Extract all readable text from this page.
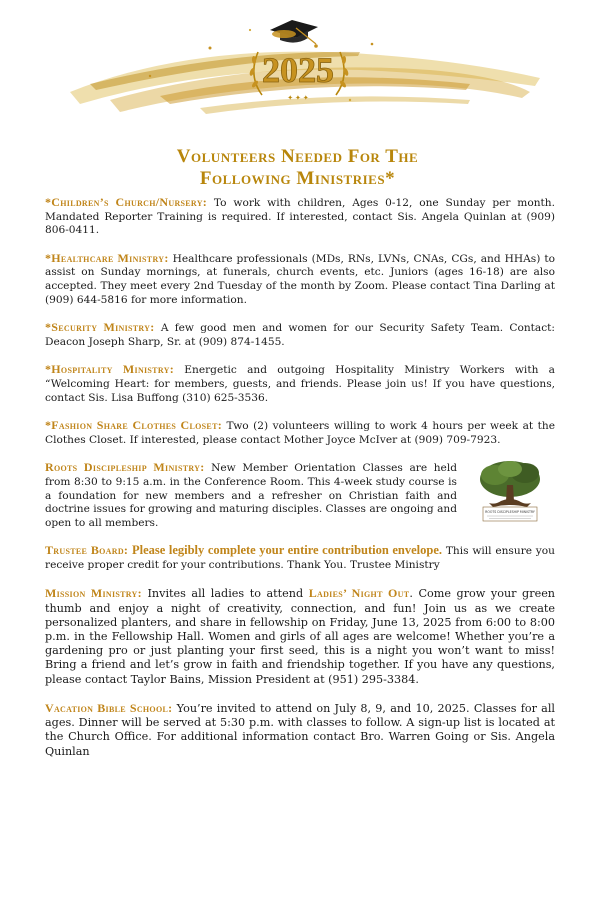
2025
✦ ✦ ✦
Volunteers Needed For The
Following Ministries*

*Children’s Church/Nursery: To work with children, Ages 0-12, one Sunday per month. Mandated Reporter Training is required. If interested, contact Sis. Angela Quinlan at (909) 806-0411.

*Healthcare Ministry: Healthcare professionals (MDs, RNs, LVNs, CNAs, CGs, and HHAs) to assist on Sunday mornings, at funerals, church events, etc. Juniors (ages 16-18) are also accepted. They meet every 2nd Tuesday of the month by Zoom. Please contact Tina Darling at (909) 644-5816 for more information.

*Security Ministry: A few good men and women for our Security Safety Team. Contact: Deacon Joseph Sharp, Sr. at (909) 874-1455.

*Hospitality Ministry: Energetic and outgoing Hospitality Ministry Workers with a “Welcoming Heart: for members, guests, and friends. Please join us! If you have questions, contact Sis. Lisa Buffong (310) 625-3536.

*Fashion Share Clothes Closet: Two (2) volunteers willing to work 4 hours per week at the Clothes Closet. If interested, please contact Mother Joyce McIver at (909) 709-7923.

Roots Discipleship Ministry: New Member Orientation Classes are held from 8:30 to 9:15 a.m. in the Conference Room. This 4-week study course is a foundation for new members and a refresher on Christian faith and doctrine issues for growing and maturing disciples. Classes are ongoing and open to all members.
ROOTS DISCIPLESHIP MINISTRY

Trustee Board: Please legibly complete your entire contribution envelope. This will ensure you receive proper credit for your contributions. Thank You. Trustee Ministry

Mission Ministry: Invites all ladies to attend Ladies’ Night Out. Come grow your green thumb and enjoy a night of creativity, connection, and fun! Join us as we create personalized planters, and share in fellowship on Friday, June 13, 2025 from 6:00 to 8:00 p.m. in the Fellowship Hall. Women and girls of all ages are welcome! Whether you’re a gardening pro or just planting your first seed, this is a night you won’t want to miss! Bring a friend and let’s grow in faith and friendship together. If you have any questions, please contact Taylor Bains, Mission President at (951) 295-3384.

Vacation Bible School: You’re invited to attend on July 8, 9, and 10, 2025. Classes for all ages. Dinner will be served at 5:30 p.m. with classes to follow. A sign-up list is located at the Church Office. For additional information contact Bro. Warren Going or Sis. Angela Quinlan
